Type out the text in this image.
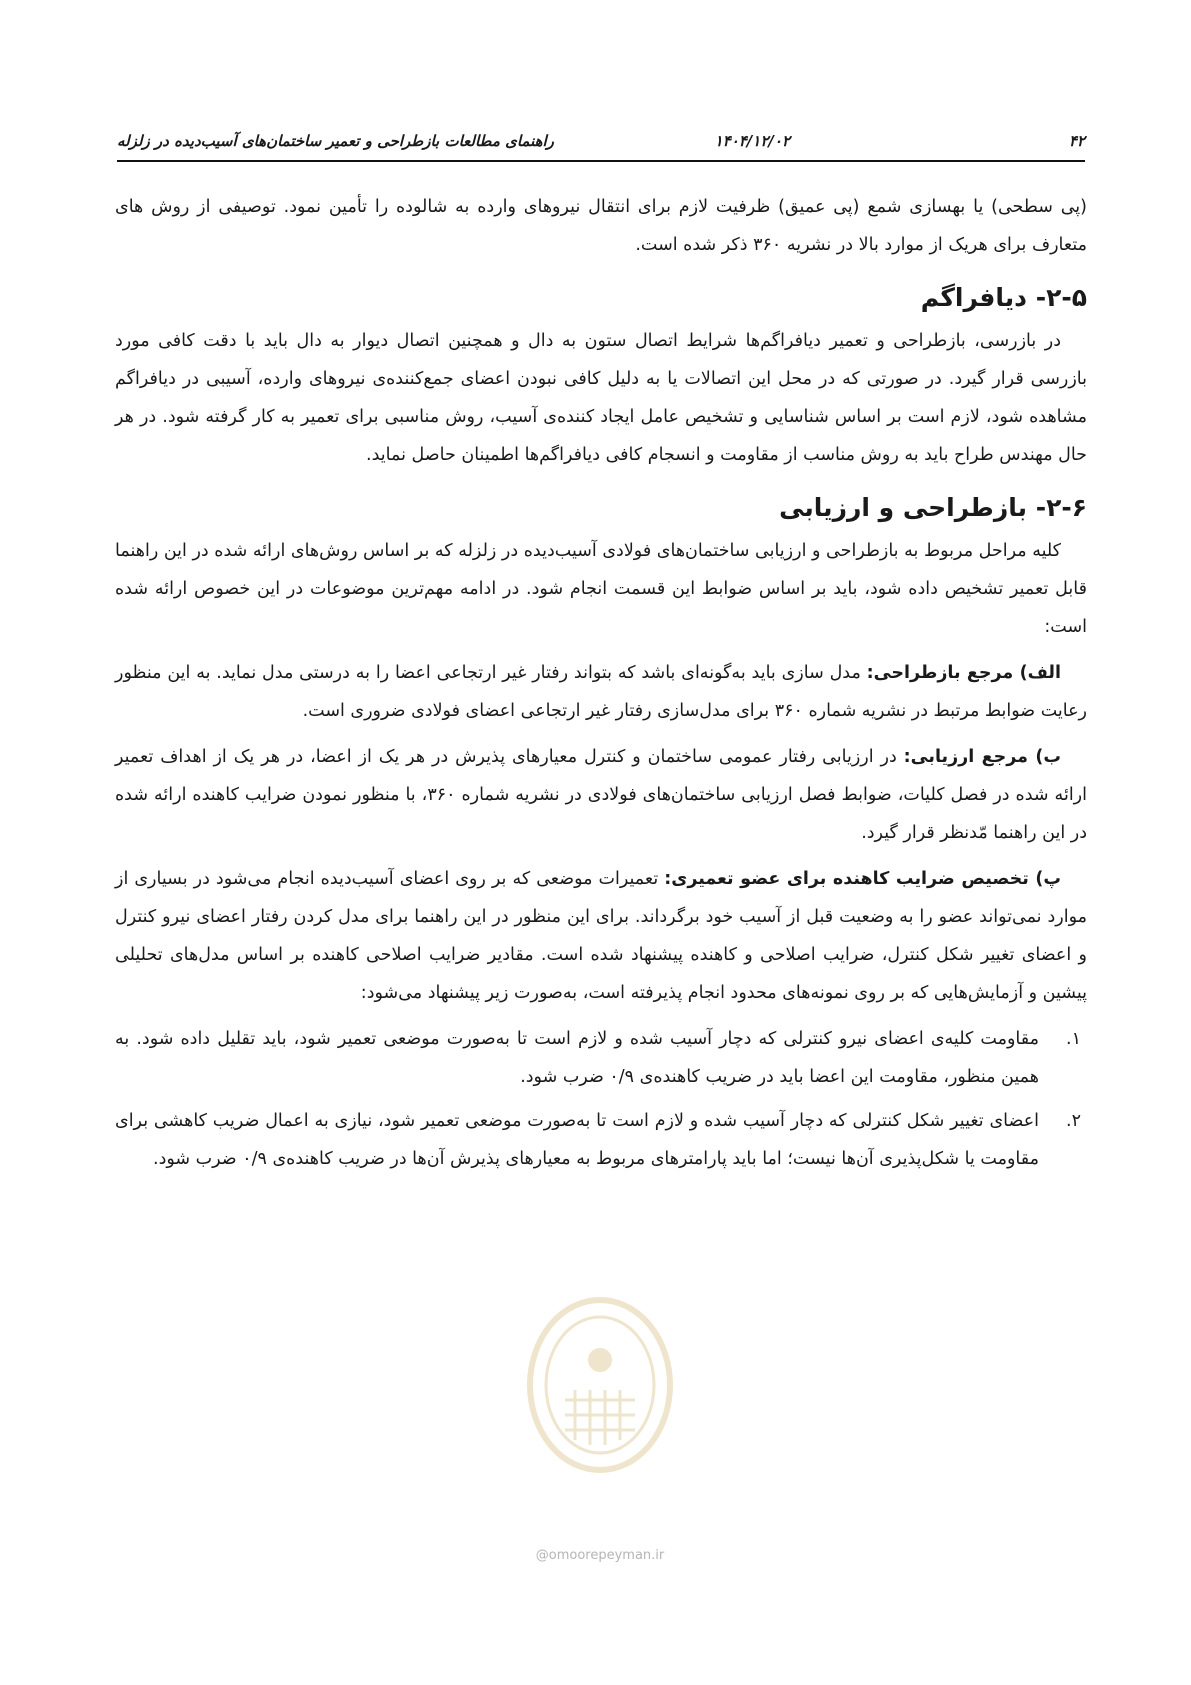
۴۲
۱۴۰۴/۱۲/۰۲
راهنمای مطالعات بازطراحی و تعمیر ساختمان‌های آسیب‌دیده در زلزله

(پی سطحی) یا بهسازی شمع (پی عمیق) ظرفیت لازم برای انتقال نیروهای وارده به شالوده را تأمین نمود. توصیفی از روش های متعارف برای هریک از موارد بالا در نشریه ۳۶۰ ذکر شده است.

۲-۵- دیافراگم

در بازرسی، بازطراحی و تعمیر دیافراگم‌ها شرایط اتصال ستون به دال و همچنین اتصال دیوار به دال باید با دقت کافی مورد بازرسی قرار گیرد. در صورتی که در محل این اتصالات یا به دلیل کافی نبودن اعضای جمع‌کننده‌ی نیروهای وارده، آسیبی در دیافراگم مشاهده شود، لازم است بر اساس شناسایی و تشخیص عامل ایجاد کننده‌ی آسیب، روش مناسبی برای تعمیر به کار گرفته شود. در هر حال مهندس طراح باید به روش مناسب از مقاومت و انسجام کافی دیافراگم‌ها اطمینان حاصل نماید.

۲-۶- بازطراحی و ارزیابی

کلیه مراحل مربوط به بازطراحی و ارزیابی ساختمان‌های فولادی آسیب‌دیده در زلزله که بر اساس روش‌های ارائه شده در این راهنما قابل تعمیر تشخیص داده شود، باید بر اساس ضوابط این قسمت انجام شود. در ادامه مهم‌ترین موضوعات در این خصوص ارائه شده است:

الف) مرجع بازطراحی: مدل سازی باید به‌گونه‌ای باشد که بتواند رفتار غیر ارتجاعی اعضا را به درستی مدل نماید. به این منظور رعایت ضوابط مرتبط در نشریه شماره ۳۶۰ برای مدل‌سازی رفتار غیر ارتجاعی اعضای فولادی ضروری است.

ب) مرجع ارزیابی: در ارزیابی رفتار عمومی ساختمان و کنترل معیارهای پذیرش در هر یک از اعضا، در هر یک از اهداف تعمیر ارائه شده در فصل کلیات، ضوابط فصل ارزیابی ساختمان‌های فولادی در نشریه شماره ۳۶۰، با منظور نمودن ضرایب کاهنده ارائه شده در این راهنما مّدنظر قرار گیرد.

پ) تخصیص ضرایب کاهنده برای عضو تعمیری: تعمیرات موضعی که بر روی اعضای آسیب‌دیده انجام می‌شود در بسیاری از موارد نمی‌تواند عضو را به وضعیت قبل از آسیب خود برگرداند. برای این منظور در این راهنما برای مدل کردن رفتار اعضای نیرو کنترل و اعضای تغییر شکل کنترل، ضرایب اصلاحی و کاهنده پیشنهاد شده است. مقادیر ضرایب اصلاحی کاهنده بر اساس مدل‌های تحلیلی پیشین و آزمایش‌هایی که بر روی نمونه‌های محدود انجام پذیرفته است، به‌صورت زیر پیشنهاد می‌شود:

۱.
مقاومت کلیه‌ی اعضای نیرو کنترلی که دچار آسیب شده و لازم است تا به‌صورت موضعی تعمیر شود، باید تقلیل داده شود. به همین منظور، مقاومت این اعضا باید در ضریب کاهنده‌ی ۰/۹ ضرب شود.
۲.
اعضای تغییر شکل کنترلی که دچار آسیب شده و لازم است تا به‌صورت موضعی تعمیر شود، نیازی به اعمال ضریب کاهشی برای مقاومت یا شکل‌پذیری آن‌ها نیست؛ اما باید پارامترهای مربوط به معیارهای پذیرش آن‌ها در ضریب کاهنده‌ی ۰/۹ ضرب شود.
@omoorepeyman.ir
